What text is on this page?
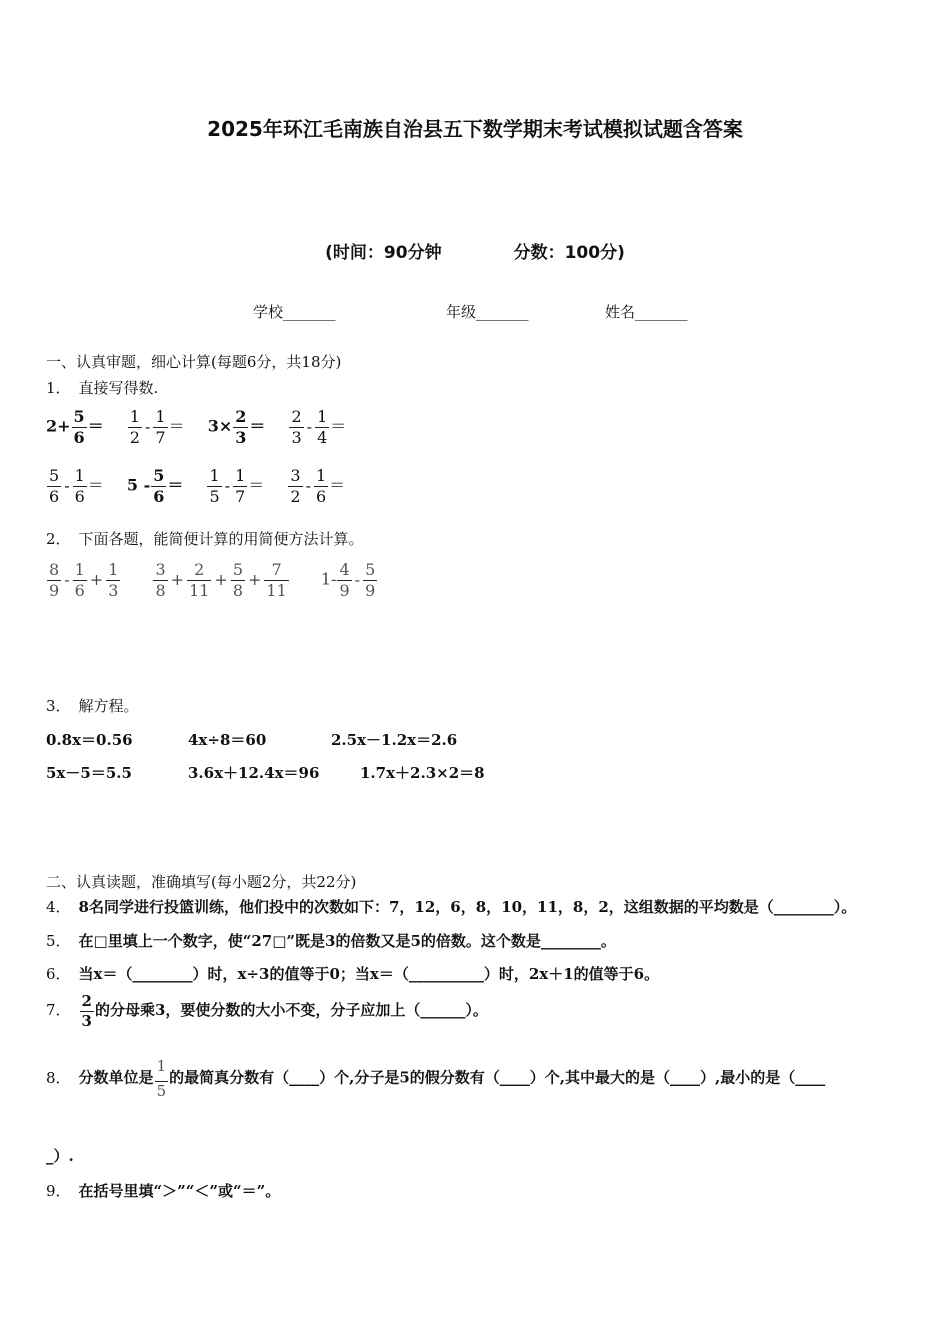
2025年环江毛南族自治县五下数学期末考试模拟试题含答案
(时间：90分钟	分数：100分)
学校_______	年级_______	姓名_______
一、认真审题，细心计算(每题6分，共18分)
1． 直接写得数.
$2+ \frac{5}{6} = \frac{1}{2} - \frac{1}{7} = 3\times \frac{2}{3} = \frac{2}{3} - \frac{1}{4}$ ＝
$\frac{5}{6} - \frac{1}{6} = 5 - \frac{5}{6} = \frac{1}{5} - \frac{1}{7} = \frac{3}{2} - \frac{1}{6}$ ＝
2． 下面各题，能简便计算的用简便方法计算。
$\frac{8}{9} - \frac{1}{6} + \frac{1}{3}$
$\frac{3}{8} + \frac{2}{11} + \frac{5}{8} + \frac{7}{11} 1- \frac{4}{9} - \frac{5}{9}$
3． 解方程。
0.8x＝0.56	4x÷8＝60	2.5x－1.2x＝2.6
5x－5＝5.5	3.6x＋12.4x＝96	1.7x＋2.3×2＝8
二、认真读题，准确填写(每小题2分，共22分)
4． 8名同学进行投篮训练，他们投中的次数如下：7，12，6，8，10，11，8，2，这组数据的平均数是（________）。
5． 在□里填上一个数字，使“27□”既是3的倍数又是5的倍数。这个数是________。
6． 当x＝（________）时，x÷3的值等于0；当x＝（__________）时，2x＋1的值等于6。
7． $\frac{2}{3}$ 的分母乘3，要使分数的大小不变，分子应加上（______）。
8． 分数单位是 $\frac{1}{5}$ 的最简真分数有（____）个,分子是5的假分数有（____）个,其中最大的是（____）,最小的是（____
_）.
9． 在括号里填“＞”“＜”或“＝”。
